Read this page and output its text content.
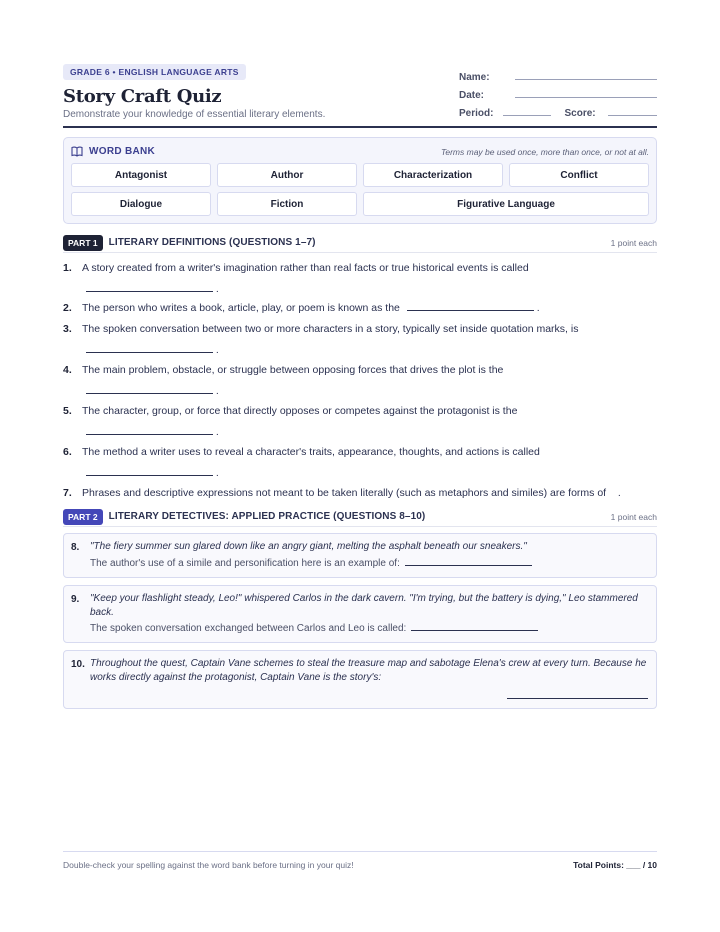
GRADE 6 • ENGLISH LANGUAGE ARTS
Story Craft Quiz
Demonstrate your knowledge of essential literary elements.
Name:
Date:
Period:	Score:
WORD BANK	Terms may be used once, more than once, or not at all.
Antagonist	Author	Characterization	Conflict
Dialogue	Fiction	Figurative Language
PART 1	LITERARY DEFINITIONS (QUESTIONS 1–7)	1 point each
1. A story created from a writer's imagination rather than real facts or true historical events is called
.
2. The person who writes a book, article, play, or poem is known as the	.
3. The spoken conversation between two or more characters in a story, typically set inside quotation marks, is
.
4. The main problem, obstacle, or struggle between opposing forces that drives the plot is the
.
5. The character, group, or force that directly opposes or competes against the protagonist is the
.
6. The method a writer uses to reveal a character's traits, appearance, thoughts, and actions is called
.
7. Phrases and descriptive expressions not meant to be taken literally (such as metaphors and similes) are forms of .
PART 2	LITERARY DETECTIVES: APPLIED PRACTICE (QUESTIONS 8–10)	1 point each
8. "The fiery summer sun glared down like an angry giant, melting the asphalt beneath our sneakers."
The author's use of a simile and personification here is an example of:
9. "Keep your flashlight steady, Leo!" whispered Carlos in the dark cavern. "I'm trying, but the battery is dying," Leo stammered back.
The spoken conversation exchanged between Carlos and Leo is called:
10. Throughout the quest, Captain Vane schemes to steal the treasure map and sabotage Elena's crew at every turn. Because he works directly against the protagonist, Captain Vane is the story's:
Double-check your spelling against the word bank before turning in your quiz!	Total Points: ___ / 10
